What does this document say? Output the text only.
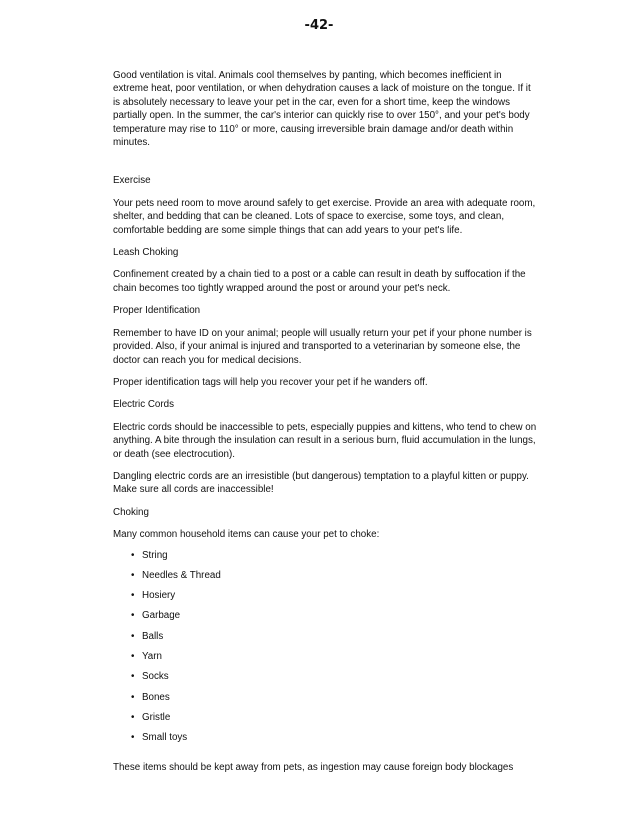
-42-

Good ventilation is vital. Animals cool themselves by panting, which becomes inefficient in extreme heat, poor ventilation, or when dehydration causes a lack of moisture on the tongue. If it is absolutely necessary to leave your pet in the car, even for a short time, keep the windows partially open. In the summer, the car's interior can quickly rise to over 150°, and your pet's body temperature may rise to 110° or more, causing irreversible brain damage and/or death within minutes.

Exercise

Your pets need room to move around safely to get exercise. Provide an area with adequate room, shelter, and bedding that can be cleaned. Lots of space to exercise, some toys, and clean, comfortable bedding are some simple things that can add years to your pet's life.

Leash Choking

Confinement created by a chain tied to a post or a cable can result in death by suffocation if the chain becomes too tightly wrapped around the post or around your pet's neck.

Proper Identification

Remember to have ID on your animal; people will usually return your pet if your phone number is provided. Also, if your animal is injured and transported to a veterinarian by someone else, the doctor can reach you for medical decisions.

Proper identification tags will help you recover your pet if he wanders off.

Electric Cords

Electric cords should be inaccessible to pets, especially puppies and kittens, who tend to chew on anything. A bite through the insulation can result in a serious burn, fluid accumulation in the lungs, or death (see electrocution).

Dangling electric cords are an irresistible (but dangerous) temptation to a playful kitten or puppy. Make sure all cords are inaccessible!

Choking

Many common household items can cause your pet to choke:

• String
• Needles & Thread
• Hosiery
• Garbage
• Balls
• Yarn
• Socks
• Bones
• Gristle
• Small toys

These items should be kept away from pets, as ingestion may cause foreign body blockages
